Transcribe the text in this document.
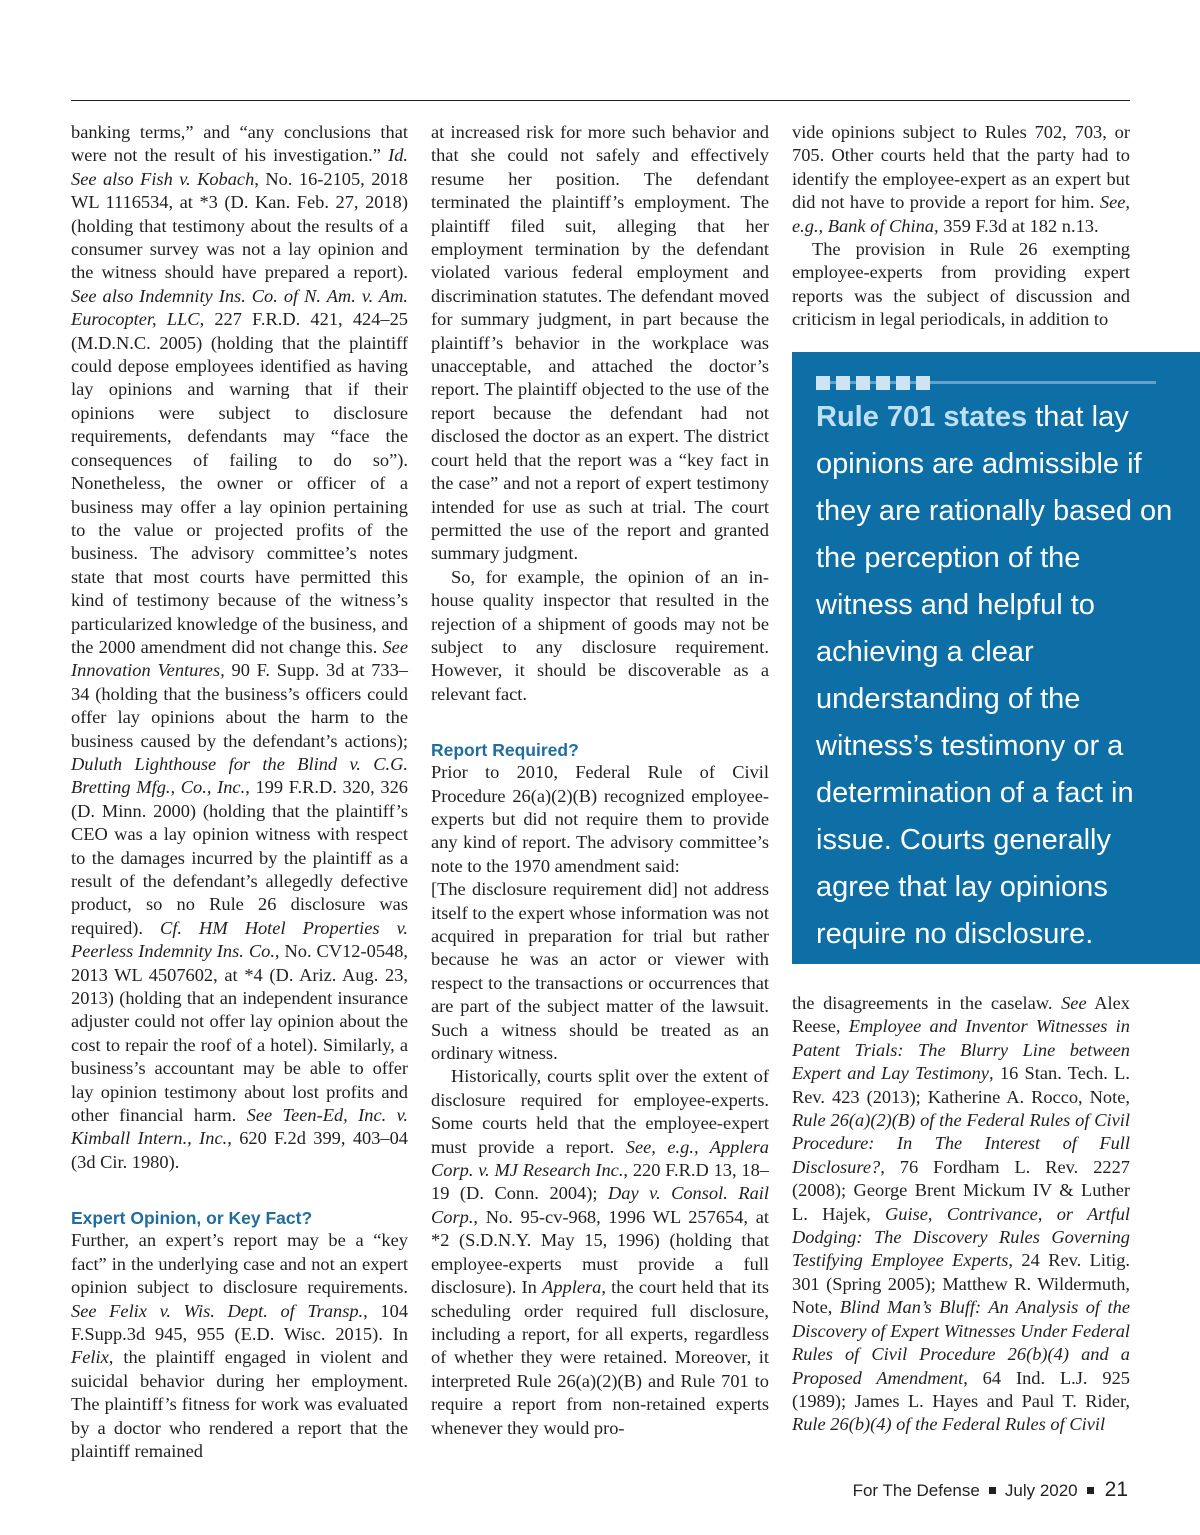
banking terms,” and “any conclusions that were not the result of his investigation.” Id. See also Fish v. Kobach, No. 16-2105, 2018 WL 1116534, at *3 (D. Kan. Feb. 27, 2018) (holding that testimony about the results of a consumer survey was not a lay opinion and the witness should have prepared a report). See also Indemnity Ins. Co. of N. Am. v. Am. Eurocopter, LLC, 227 F.R.D. 421, 424–25 (M.D.N.C. 2005) (holding that the plaintiff could depose employees identified as having lay opinions and warning that if their opinions were subject to disclosure requirements, defendants may “face the consequences of failing to do so”). Nonetheless, the owner or officer of a business may offer a lay opinion pertaining to the value or projected profits of the business. The advisory committee’s notes state that most courts have permitted this kind of testimony because of the witness’s particularized knowledge of the business, and the 2000 amendment did not change this. See Innovation Ventures, 90 F. Supp. 3d at 733–34 (holding that the business’s officers could offer lay opinions about the harm to the business caused by the defendant’s actions); Duluth Lighthouse for the Blind v. C.G. Bretting Mfg., Co., Inc., 199 F.R.D. 320, 326 (D. Minn. 2000) (holding that the plaintiff’s CEO was a lay opinion witness with respect to the damages incurred by the plaintiff as a result of the defendant’s allegedly defective product, so no Rule 26 disclosure was required). Cf. HM Hotel Properties v. Peerless Indemnity Ins. Co., No. CV12-0548, 2013 WL 4507602, at *4 (D. Ariz. Aug. 23, 2013) (holding that an independent insurance adjuster could not offer lay opinion about the cost to repair the roof of a hotel). Similarly, a business’s accountant may be able to offer lay opinion testimony about lost profits and other financial harm. See Teen-Ed, Inc. v. Kimball Intern., Inc., 620 F.2d 399, 403–04 (3d Cir. 1980).

Expert Opinion, or Key Fact?

Further, an expert’s report may be a “key fact” in the underlying case and not an expert opinion subject to disclosure requirements. See Felix v. Wis. Dept. of Transp., 104 F.Supp.3d 945, 955 (E.D. Wisc. 2015). In Felix, the plaintiff engaged in violent and suicidal behavior during her employment. The plaintiff’s fitness for work was evaluated by a doctor who rendered a report that the plaintiff remained

at increased risk for more such behavior and that she could not safely and effectively resume her position. The defendant terminated the plaintiff’s employment. The plaintiff filed suit, alleging that her employment termination by the defendant violated various federal employment and discrimination statutes. The defendant moved for summary judgment, in part because the plaintiff’s behavior in the workplace was unacceptable, and attached the doctor’s report. The plaintiff objected to the use of the report because the defendant had not disclosed the doctor as an expert. The district court held that the report was a “key fact in the case” and not a report of expert testimony intended for use as such at trial. The court permitted the use of the report and granted summary judgment.

So, for example, the opinion of an in-house quality inspector that resulted in the rejection of a shipment of goods may not be subject to any disclosure requirement. However, it should be discoverable as a relevant fact.

Report Required?

Prior to 2010, Federal Rule of Civil Procedure 26(a)(2)(B) recognized employee-experts but did not require them to provide any kind of report. The advisory committee’s note to the 1970 amendment said:

[The disclosure requirement did] not address itself to the expert whose information was not acquired in preparation for trial but rather because he was an actor or viewer with respect to the transactions or occurrences that are part of the subject matter of the lawsuit. Such a witness should be treated as an ordinary witness.

Historically, courts split over the extent of disclosure required for employee-experts. Some courts held that the employee-expert must provide a report. See, e.g., Applera Corp. v. MJ Research Inc., 220 F.R.D 13, 18–19 (D. Conn. 2004); Day v. Consol. Rail Corp., No. 95-cv-968, 1996 WL 257654, at *2 (S.D.N.Y. May 15, 1996) (holding that employee-experts must provide a full disclosure). In Applera, the court held that its scheduling order required full disclosure, including a report, for all experts, regardless of whether they were retained. Moreover, it interpreted Rule 26(a)(2)(B) and Rule 701 to require a report from non-retained experts whenever they would pro-

vide opinions subject to Rules 702, 703, or 705. Other courts held that the party had to identify the employee-expert as an expert but did not have to provide a report for him. See, e.g., Bank of China, 359 F.3d at 182 n.13.

The provision in Rule 26 exempting employee-experts from providing expert reports was the subject of discussion and criticism in legal periodicals, in addition to

Rule 701 states that lay opinions are admissible if they are rationally based on the perception of the witness and helpful to achieving a clear understanding of the witness’s testimony or a determination of a fact in issue. Courts generally agree that lay opinions require no disclosure.

the disagreements in the caselaw. See Alex Reese, Employee and Inventor Witnesses in Patent Trials: The Blurry Line between Expert and Lay Testimony, 16 Stan. Tech. L. Rev. 423 (2013); Katherine A. Rocco, Note, Rule 26(a)(2)(B) of the Federal Rules of Civil Procedure: In The Interest of Full Disclosure?, 76 Fordham L. Rev. 2227 (2008); George Brent Mickum IV & Luther L. Hajek, Guise, Contrivance, or Artful Dodging: The Discovery Rules Governing Testifying Employee Experts, 24 Rev. Litig. 301 (Spring 2005); Matthew R. Wildermuth, Note, Blind Man’s Bluff: An Analysis of the Discovery of Expert Witnesses Under Federal Rules of Civil Procedure 26(b)(4) and a Proposed Amendment, 64 Ind. L.J. 925 (1989); James L. Hayes and Paul T. Rider, Rule 26(b)(4) of the Federal Rules of Civil

For The Defense July 2020 21
